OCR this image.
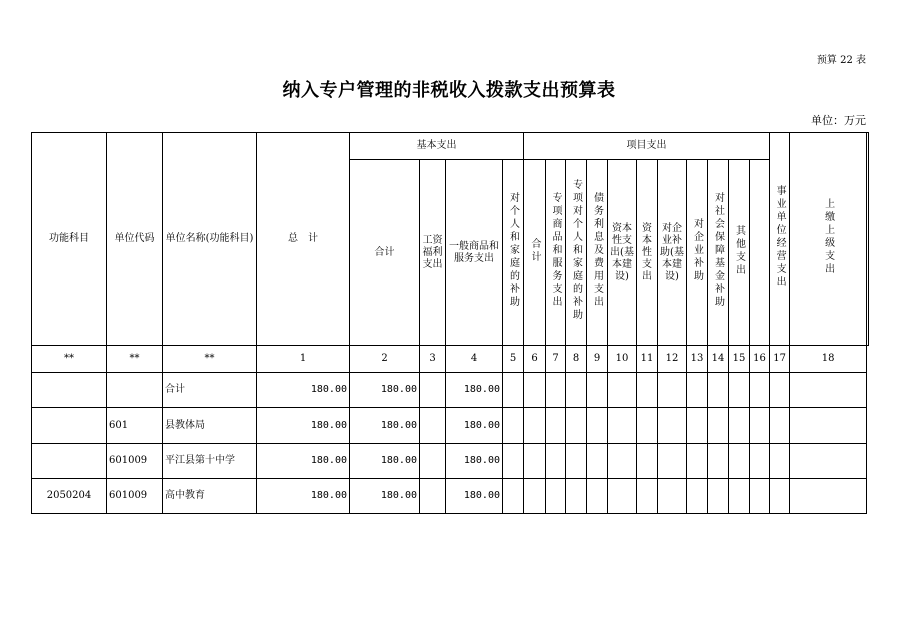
预算 22 表
纳入专户管理的非税收入拨款支出预算表
单位：万元
功能科目	单位代码	单位名称(功能科目)	总　计	基本支出				项目支出											事业单位经营支出	上缴上级支出	
				合计	工资福利支出	一般商品和服务支出	对个人和家庭的补助	合计	专项商品和服务支出	专项对个人和家庭的补助	债务利息及费用支出	资本性支出(基本建设)	资本性支出	对企业补助(基本建设)	对企业补助	对社会保障基金补助	其他支出				
**	**	**	1	2	3	4	5	6	7	8	9	10	11	12	13	14	15	16	17	18	
		合计	180.00	180.00		180.00															
	601	县教体局	180.00	180.00		180.00															
	601009	平江县第十中学	180.00	180.00		180.00															
2050204	601009	高中教育	180.00	180.00		180.00															
